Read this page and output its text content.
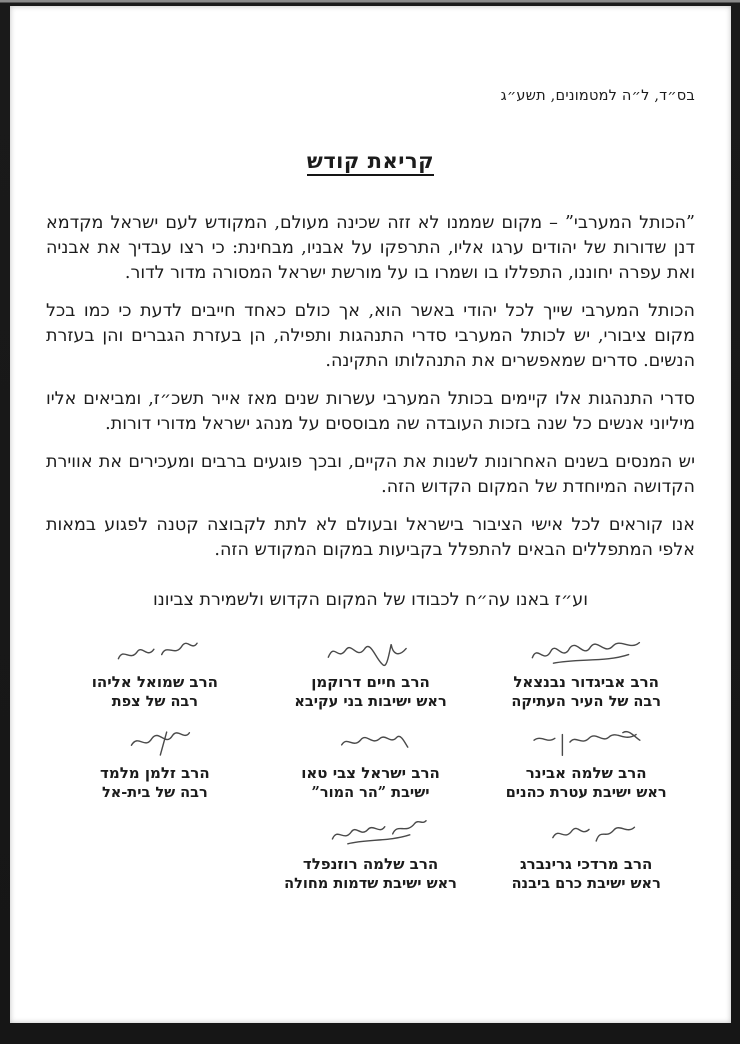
בס״ד, ל״ה למטמונים, תשע״ג
קריאת קודש

”הכותל המערבי” – מקום שממנו לא זזה שכינה מעולם, המקודש לעם ישראל מקדמא דנן שדורות של יהודים ערגו אליו, התרפקו על אבניו, מבחינת: כי רצו עבדיך את אבניה ואת עפרה יחוננו, התפללו בו ושמרו בו על מורשת ישראל המסורה מדור לדור.

הכותל המערבי שייך לכל יהודי באשר הוא, אך כולם כאחד חייבים לדעת כי כמו בכל מקום ציבורי, יש לכותל המערבי סדרי התנהגות ותפילה, הן בעזרת הגברים והן בעזרת הנשים. סדרים שמאפשרים את התנהלותו התקינה.

סדרי התנהגות אלו קיימים בכותל המערבי עשרות שנים מאז אייר תשכ״ז, ומביאים אליו מיליוני אנשים כל שנה בזכות העובדה שה מבוססים על מנהג ישראל מדורי דורות.

יש המנסים בשנים האחרונות לשנות את הקיים, ובכך פוגעים ברבים ומעכירים את אווירת הקדושה המיוחדת של המקום הקדוש הזה.

אנו קוראים לכל אישי הציבור בישראל ובעולם לא לתת לקבוצה קטנה לפגוע במאות אלפי המתפללים הבאים להתפלל בקביעות במקום המקודש הזה.

וע״ז באנו עה״ח לכבודו של המקום הקדוש ולשמירת צביונו
הרב אביגדור נבנצאל
רבה של העיר העתיקה
הרב חיים דרוקמן
ראש ישיבות בני עקיבא
הרב שמואל אליהו
רבה של צפת
הרב שלמה אבינר
ראש ישיבת עטרת כהנים
הרב ישראל צבי טאו
ישיבת ”הר המור”
הרב זלמן מלמד
רבה של בית-אל
הרב מרדכי גרינברג
ראש ישיבת כרם ביבנה
הרב שלמה רוזנפלד
ראש ישיבת שדמות מחולה
